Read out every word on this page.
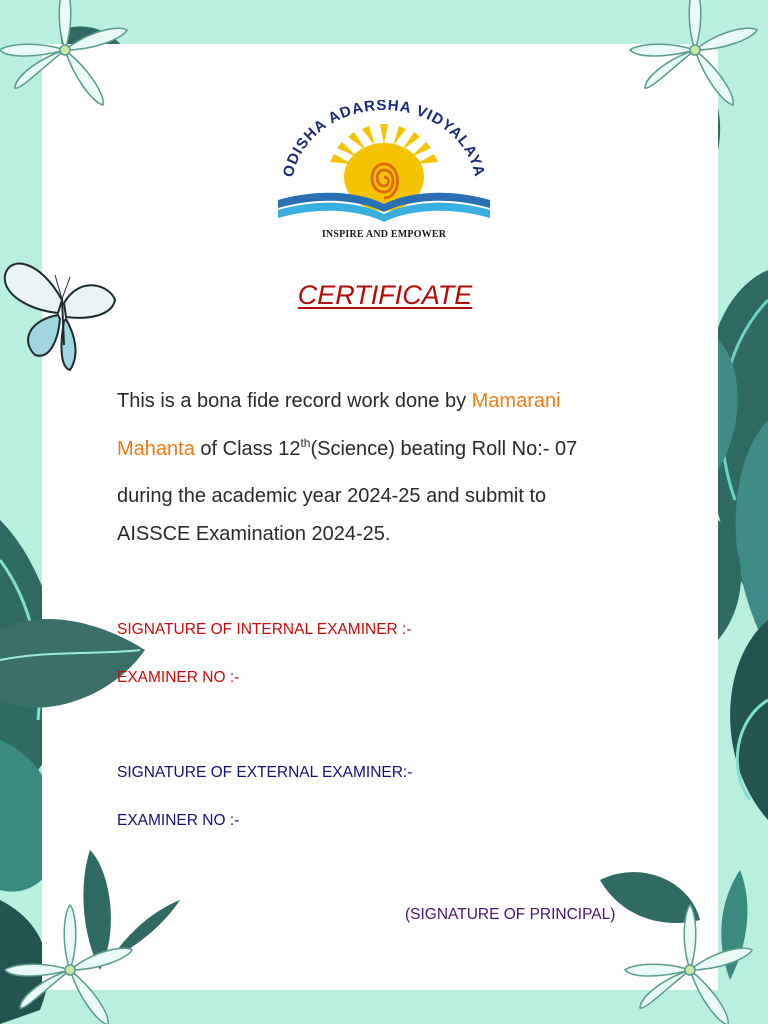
ODISHA ADARSHA VIDYALAYA
INSPIRE AND EMPOWER
CERTIFICATE
This is a bona fide record work done by Mamarani
Mahanta of Class 12th(Science) beating Roll No:- 07
during the academic year 2024-25 and submit to
AISSCE Examination 2024-25.
SIGNATURE OF INTERNAL EXAMINER :-
EXAMINER NO :-
SIGNATURE OF EXTERNAL EXAMINER:-
EXAMINER NO :-
(SIGNATURE OF PRINCIPAL)
